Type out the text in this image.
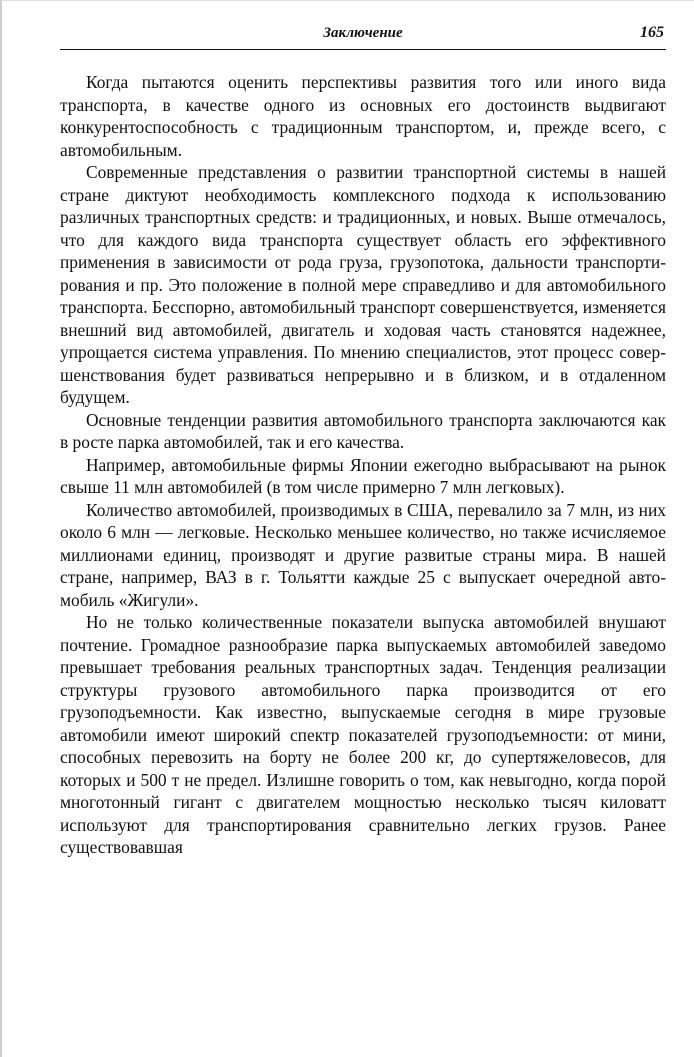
Заключение	165

Когда пытаются оценить перспективы развития того или иного вида транспорта, в качестве одного из основных его достоинств выдвигают конкурентоспособность с традиционным транспортом, и, прежде всего, с автомобильным.

Современные представления о развитии транспортной системы в нашей стране диктуют необходимость комплексного подхода к использованию различных транспортных средств: и традиционных, и новых. Выше отмечалось, что для каждого вида транспорта существует область его эффективного применения в зависимости от рода груза, грузопотока, дальности транспортирования и пр. Это положение в полной мере справедливо и для автомобильного транспорта. Бесспорно, автомобильный транспорт совершенствуется, изменяется внешний вид автомобилей, двигатель и ходовая часть становятся надежнее, упрощается система управления. По мнению специалистов, этот процесс совершенствования будет развиваться непрерывно и в близком, и в отдаленном будущем.

Основные тенденции развития автомобильного транспорта заключаются как в росте парка автомобилей, так и его качества.

Например, автомобильные фирмы Японии ежегодно выбрасывают на рынок свыше 11 млн автомобилей (в том числе примерно 7 млн легковых).

Количество автомобилей, производимых в США, перевалило за 7 млн, из них около 6 млн — легковые. Несколько меньшее количество, но также исчисляемое миллионами единиц, производят и другие развитые страны мира. В нашей стране, например, ВАЗ в г. Тольятти каждые 25 с выпускает очередной автомобиль «Жигули».

Но не только количественные показатели выпуска автомобилей внушают почтение. Громадное разнообразие парка выпускаемых автомобилей заведомо превышает требования реальных транспортных задач. Тенденция реализации структуры грузового автомобильного парка производится от его грузоподъемности. Как известно, выпускаемые сегодня в мире грузовые автомобили имеют широкий спектр показателей грузоподъемности: от мини, способных перевозить на борту не более 200 кг, до супертяжеловесов, для которых и 500 т не предел. Излишне говорить о том, как невыгодно, когда порой многотонный гигант с двигателем мощностью несколько тысяч киловатт используют для транспортирования сравнительно легких грузов. Ранее существовавшая
